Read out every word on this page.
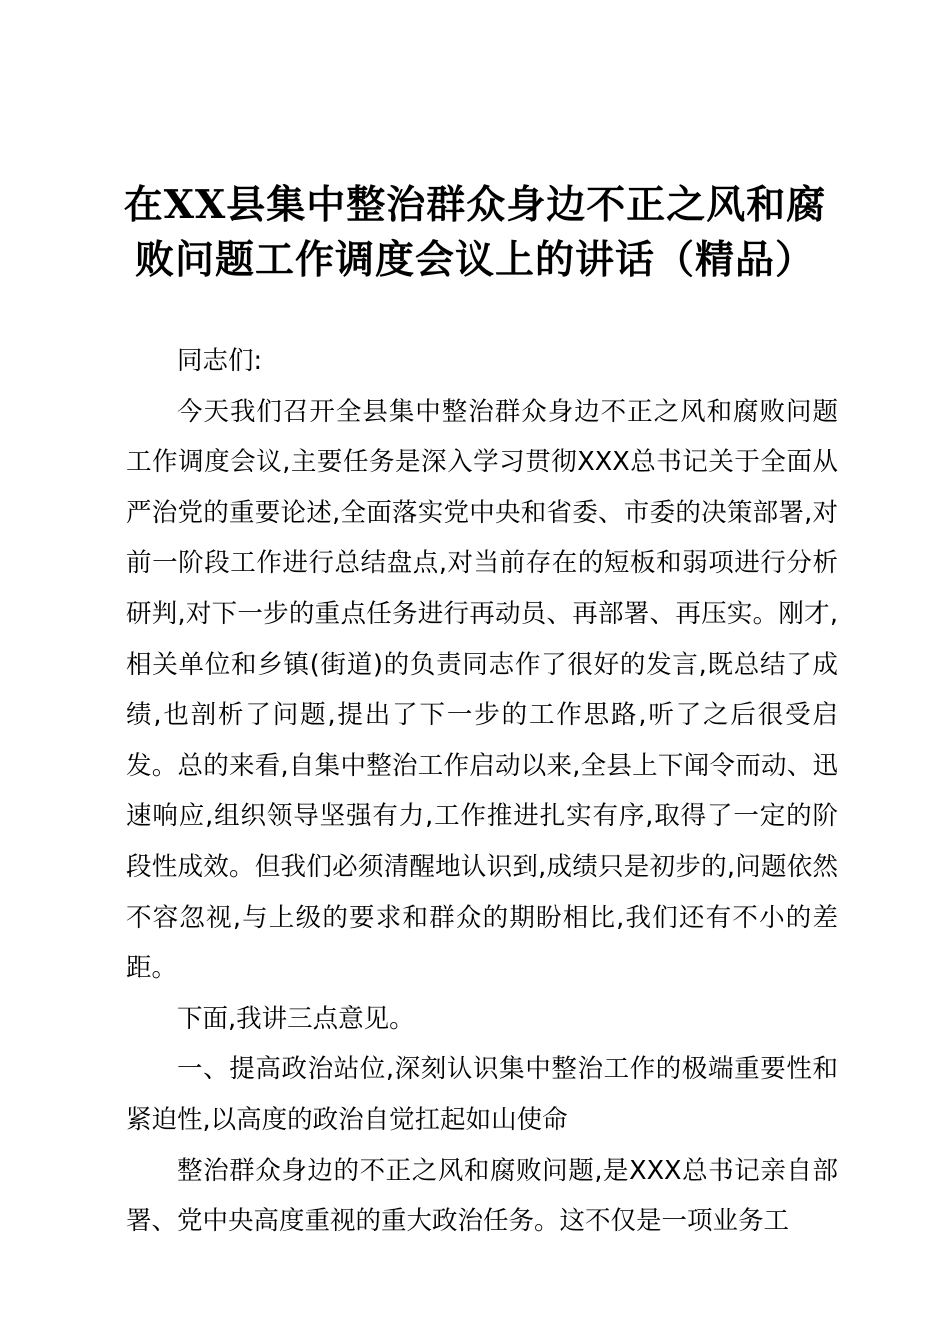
在XX县集中整治群众身边不正之风和腐败问题工作调度会议上的讲话（精品）

同志们:

今天我们召开全县集中整治群众身边不正之风和腐败问题工作调度会议,主要任务是深入学习贯彻XXX总书记关于全面从严治党的重要论述,全面落实党中央和省委、市委的决策部署,对前一阶段工作进行总结盘点,对当前存在的短板和弱项进行分析研判,对下一步的重点任务进行再动员、再部署、再压实。刚才,相关单位和乡镇(街道)的负责同志作了很好的发言,既总结了成绩,也剖析了问题,提出了下一步的工作思路,听了之后很受启发。总的来看,自集中整治工作启动以来,全县上下闻令而动、迅速响应,组织领导坚强有力,工作推进扎实有序,取得了一定的阶段性成效。但我们必须清醒地认识到,成绩只是初步的,问题依然不容忽视,与上级的要求和群众的期盼相比,我们还有不小的差距。

下面,我讲三点意见。

一、提高政治站位,深刻认识集中整治工作的极端重要性和紧迫性,以高度的政治自觉扛起如山使命

整治群众身边的不正之风和腐败问题,是XXX总书记亲自部署、党中央高度重视的重大政治任务。这不仅是一项业务工
